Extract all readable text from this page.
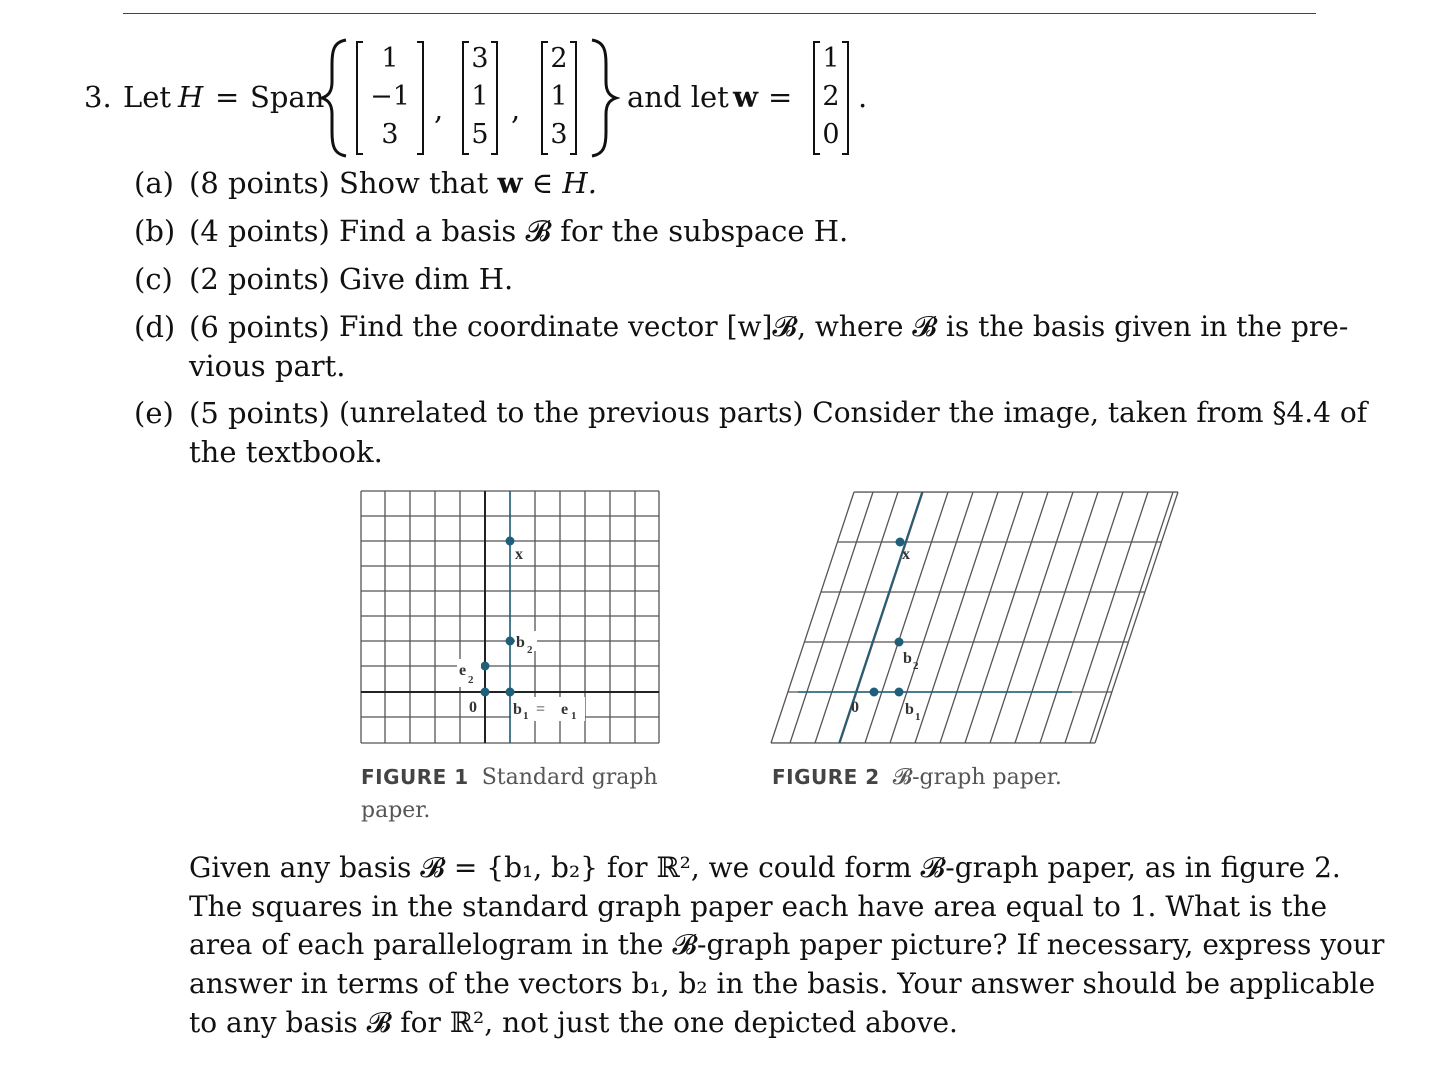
3. Let H = Span
1
−1
3
,
3
1
5
,
2
1
3
and let w =
1
2
0
.
(a) (8 points) Show that w ∈ H.
(b) (4 points) Find a basis 𝓑 for the subspace H.
(c) (2 points) Give dim H.
(d) (6 points) Find the coordinate vector [w]𝓑, where 𝓑 is the basis given in the pre-
vious part.
(e) (5 points) (unrelated to the previous parts) Consider the image, taken from §4.4 of
the textbook.
x
b 2
e
2
0 b 1 = e 1
x
b 2
0	b 1
FIGURE 1 Standard graph
paper.
FIGURE 2 𝓑-graph paper.
Given any basis 𝓑 = {b₁, b₂} for ℝ², we could form 𝓑-graph paper, as in figure 2.
The squares in the standard graph paper each have area equal to 1. What is the
area of each parallelogram in the 𝓑-graph paper picture? If necessary, express your
answer in terms of the vectors b₁, b₂ in the basis. Your answer should be applicable
to any basis 𝓑 for ℝ², not just the one depicted above.
